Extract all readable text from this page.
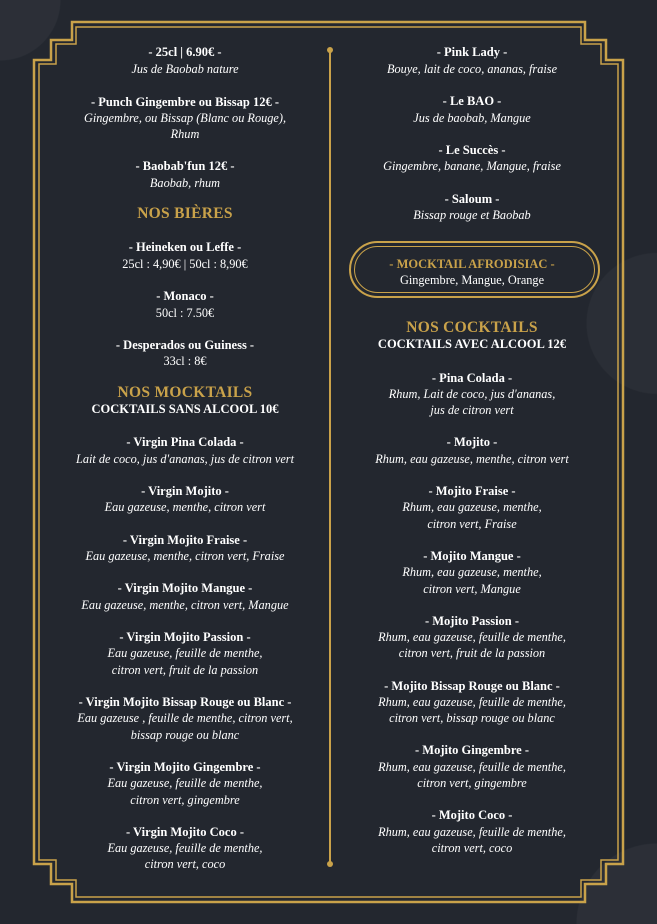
- 25cl | 6.90€ -
Jus de Baobab nature
- Punch Gingembre ou Bissap 12€ -
Gingembre, ou Bissap (Blanc ou Rouge),
Rhum
- Baobab'fun 12€ -
Baobab, rhum
NOS BIÈRES
- Heineken ou Leffe -
25cl : 4,90€ | 50cl : 8,90€
- Monaco -
50cl : 7.50€
- Desperados ou Guiness -
33cl : 8€
NOS MOCKTAILS
COCKTAILS SANS ALCOOL 10€
- Virgin Pina Colada -
Lait de coco, jus d'ananas, jus de citron vert
- Virgin Mojito -
Eau gazeuse, menthe, citron vert
- Virgin Mojito Fraise -
Eau gazeuse, menthe, citron vert, Fraise
- Virgin Mojito Mangue -
Eau gazeuse, menthe, citron vert, Mangue
- Virgin Mojito Passion -
Eau gazeuse, feuille de menthe,
citron vert, fruit de la passion
- Virgin Mojito Bissap Rouge ou Blanc -
Eau gazeuse , feuille de menthe, citron vert,
bissap rouge ou blanc
- Virgin Mojito Gingembre -
Eau gazeuse, feuille de menthe,
citron vert, gingembre
- Virgin Mojito Coco -
Eau gazeuse, feuille de menthe,
citron vert, coco
- Pink Lady -
Bouye, lait de coco, ananas, fraise
- Le BAO -
Jus de baobab, Mangue
- Le Succès -
Gingembre, banane, Mangue, fraise
- Saloum -
Bissap rouge et Baobab
- MOCKTAIL AFRODISIAC -
Gingembre, Mangue, Orange
NOS COCKTAILS
COCKTAILS AVEC ALCOOL 12€
- Pina Colada -
Rhum, Lait de coco, jus d'ananas,
jus de citron vert
- Mojito -
Rhum, eau gazeuse, menthe, citron vert
- Mojito Fraise -
Rhum, eau gazeuse, menthe,
citron vert, Fraise
- Mojito Mangue -
Rhum, eau gazeuse, menthe,
citron vert, Mangue
- Mojito Passion -
Rhum, eau gazeuse, feuille de menthe,
citron vert, fruit de la passion
- Mojito Bissap Rouge ou Blanc -
Rhum, eau gazeuse, feuille de menthe,
citron vert, bissap rouge ou blanc
- Mojito Gingembre -
Rhum, eau gazeuse, feuille de menthe,
citron vert, gingembre
- Mojito Coco -
Rhum, eau gazeuse, feuille de menthe,
citron vert, coco
